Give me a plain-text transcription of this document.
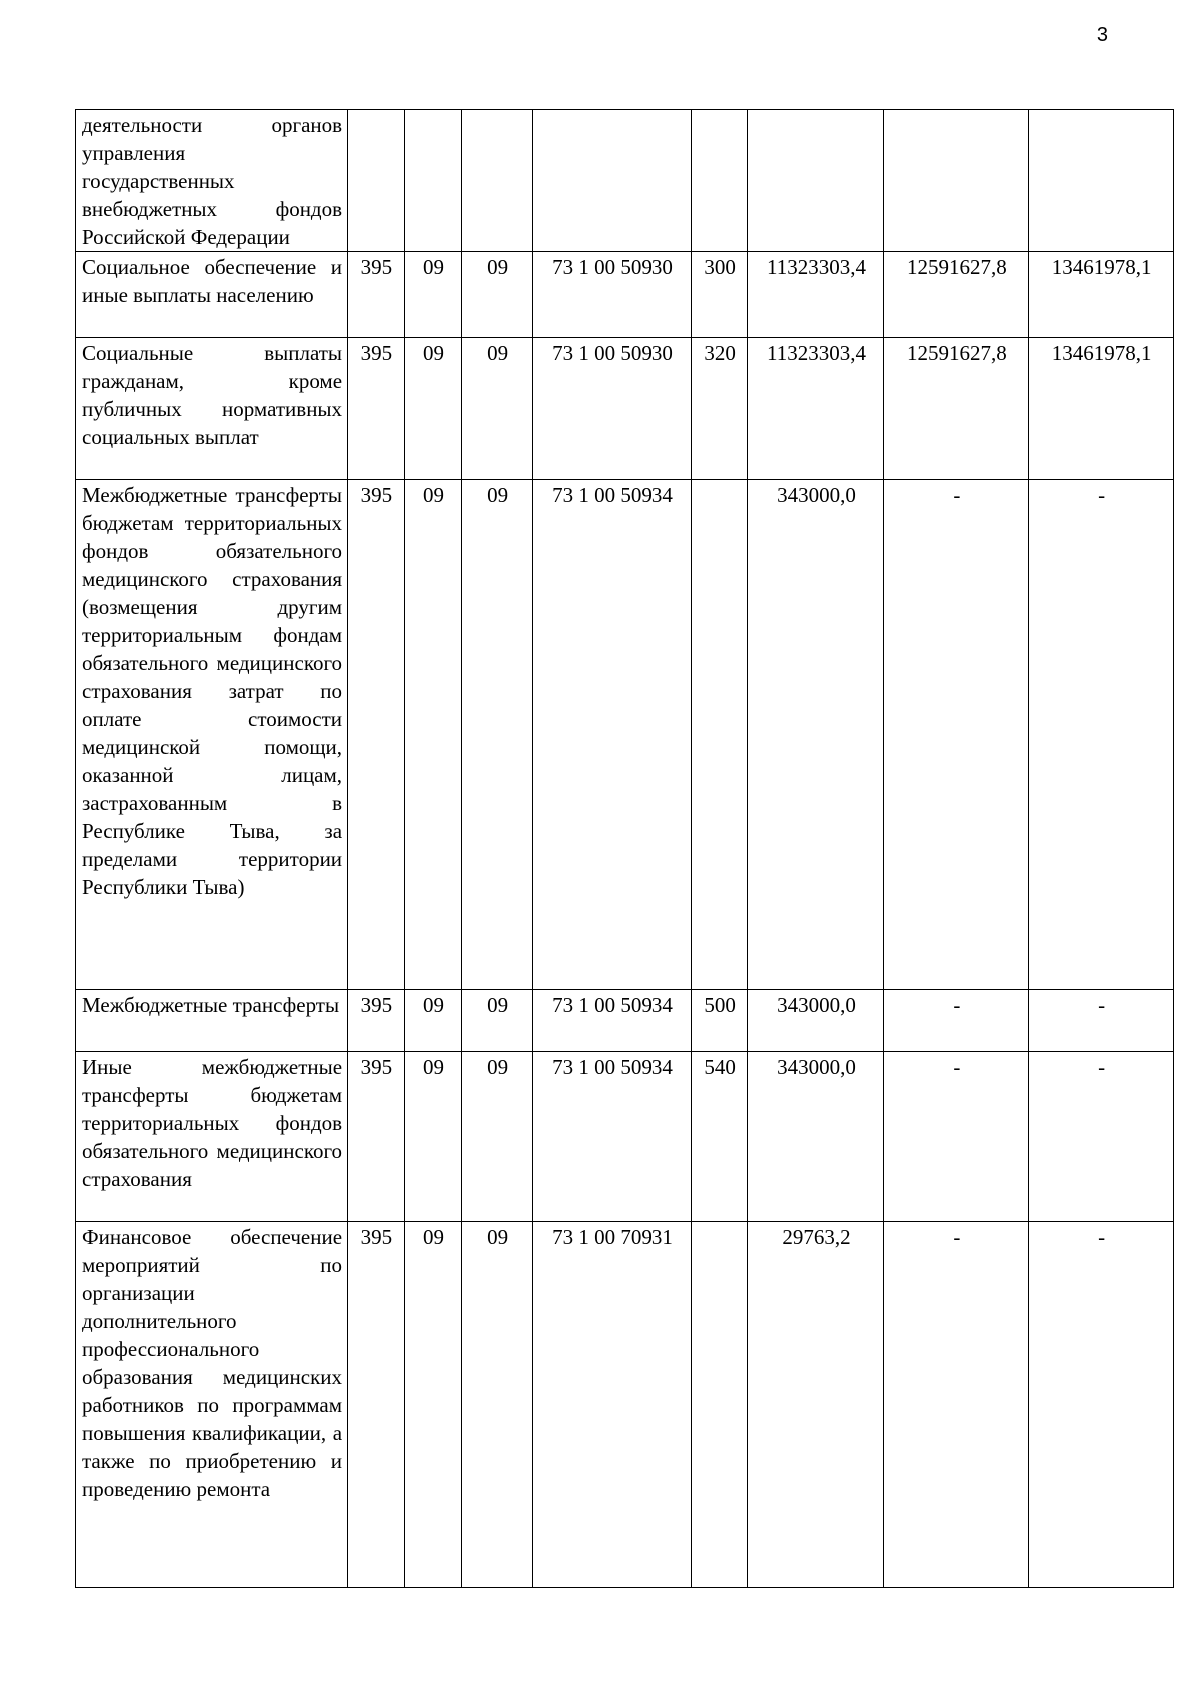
3
деятельности органов управления государственных внебюджетных фондов Российской Федерации								
Социальное обеспечение и иные выплаты населению	395	09	09	73 1 00 50930	300	11323303,4	12591627,8	13461978,1
Социальные выплаты гражданам, кроме публичных нормативных социальных выплат	395	09	09	73 1 00 50930	320	11323303,4	12591627,8	13461978,1
Межбюджетные трансферты бюджетам территориальных фондов обязательного медицинского страхования (возмещения другим территориальным фондам обязательного медицинского страхования затрат по оплате стоимости медицинской помощи, оказанной лицам, застрахованным в Республике Тыва, за пределами территории Республики Тыва)	395	09	09	73 1 00 50934		343000,0	-	-
Межбюджетные трансферты	395	09	09	73 1 00 50934	500	343000,0	-	-
Иные межбюджетные трансферты бюджетам территориальных фондов обязательного медицинского страхования	395	09	09	73 1 00 50934	540	343000,0	-	-
Финансовое обеспечение мероприятий по организации дополнительного профессионального образования медицинских работников по программам повышения квалификации, а также по приобретению и проведению ремонта	395	09	09	73 1 00 70931		29763,2	-	-
